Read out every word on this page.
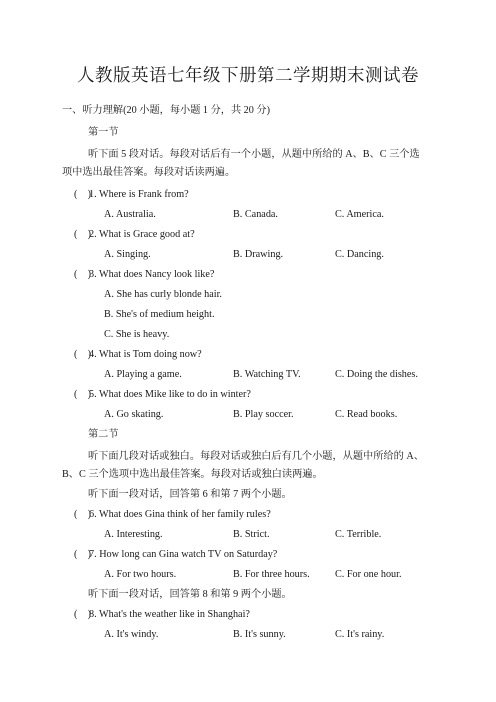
人教版英语七年级下册第二学期期末测试卷
一、听力理解(20 小题，每小题 1 分，共 20 分)
第一节
听下面 5 段对话。每段对话后有一个小题，从题中所给的 A、B、C 三个选
项中选出最佳答案。每段对话读两遍。
(　)
1. Where is Frank from?
A. Australia.	B. Canada.	C. America.
(　)
2. What is Grace good at?
A. Singing.	B. Drawing.	C. Dancing.
(　)
3. What does Nancy look like?
A. She has curly blonde hair.
B. She's of medium height.
C. She is heavy.
(　)
4. What is Tom doing now?
A. Playing a game.	B. Watching TV.	C. Doing the dishes.
(　)
5. What does Mike like to do in winter?
A. Go skating.	B. Play soccer.	C. Read books.
第二节
听下面几段对话或独白。每段对话或独白后有几个小题，从题中所给的 A、
B、C 三个选项中选出最佳答案。每段对话或独白读两遍。
听下面一段对话，回答第 6 和第 7 两个小题。
(　)
6. What does Gina think of her family rules?
A. Interesting.	B. Strict.	C. Terrible.
(　)
7. How long can Gina watch TV on Saturday?
A. For two hours.	B. For three hours. C. For one hour.
听下面一段对话，回答第 8 和第 9 两个小题。
(　)
8. What's the weather like in Shanghai?
A. It's windy.	B. It's sunny.	C. It's rainy.
